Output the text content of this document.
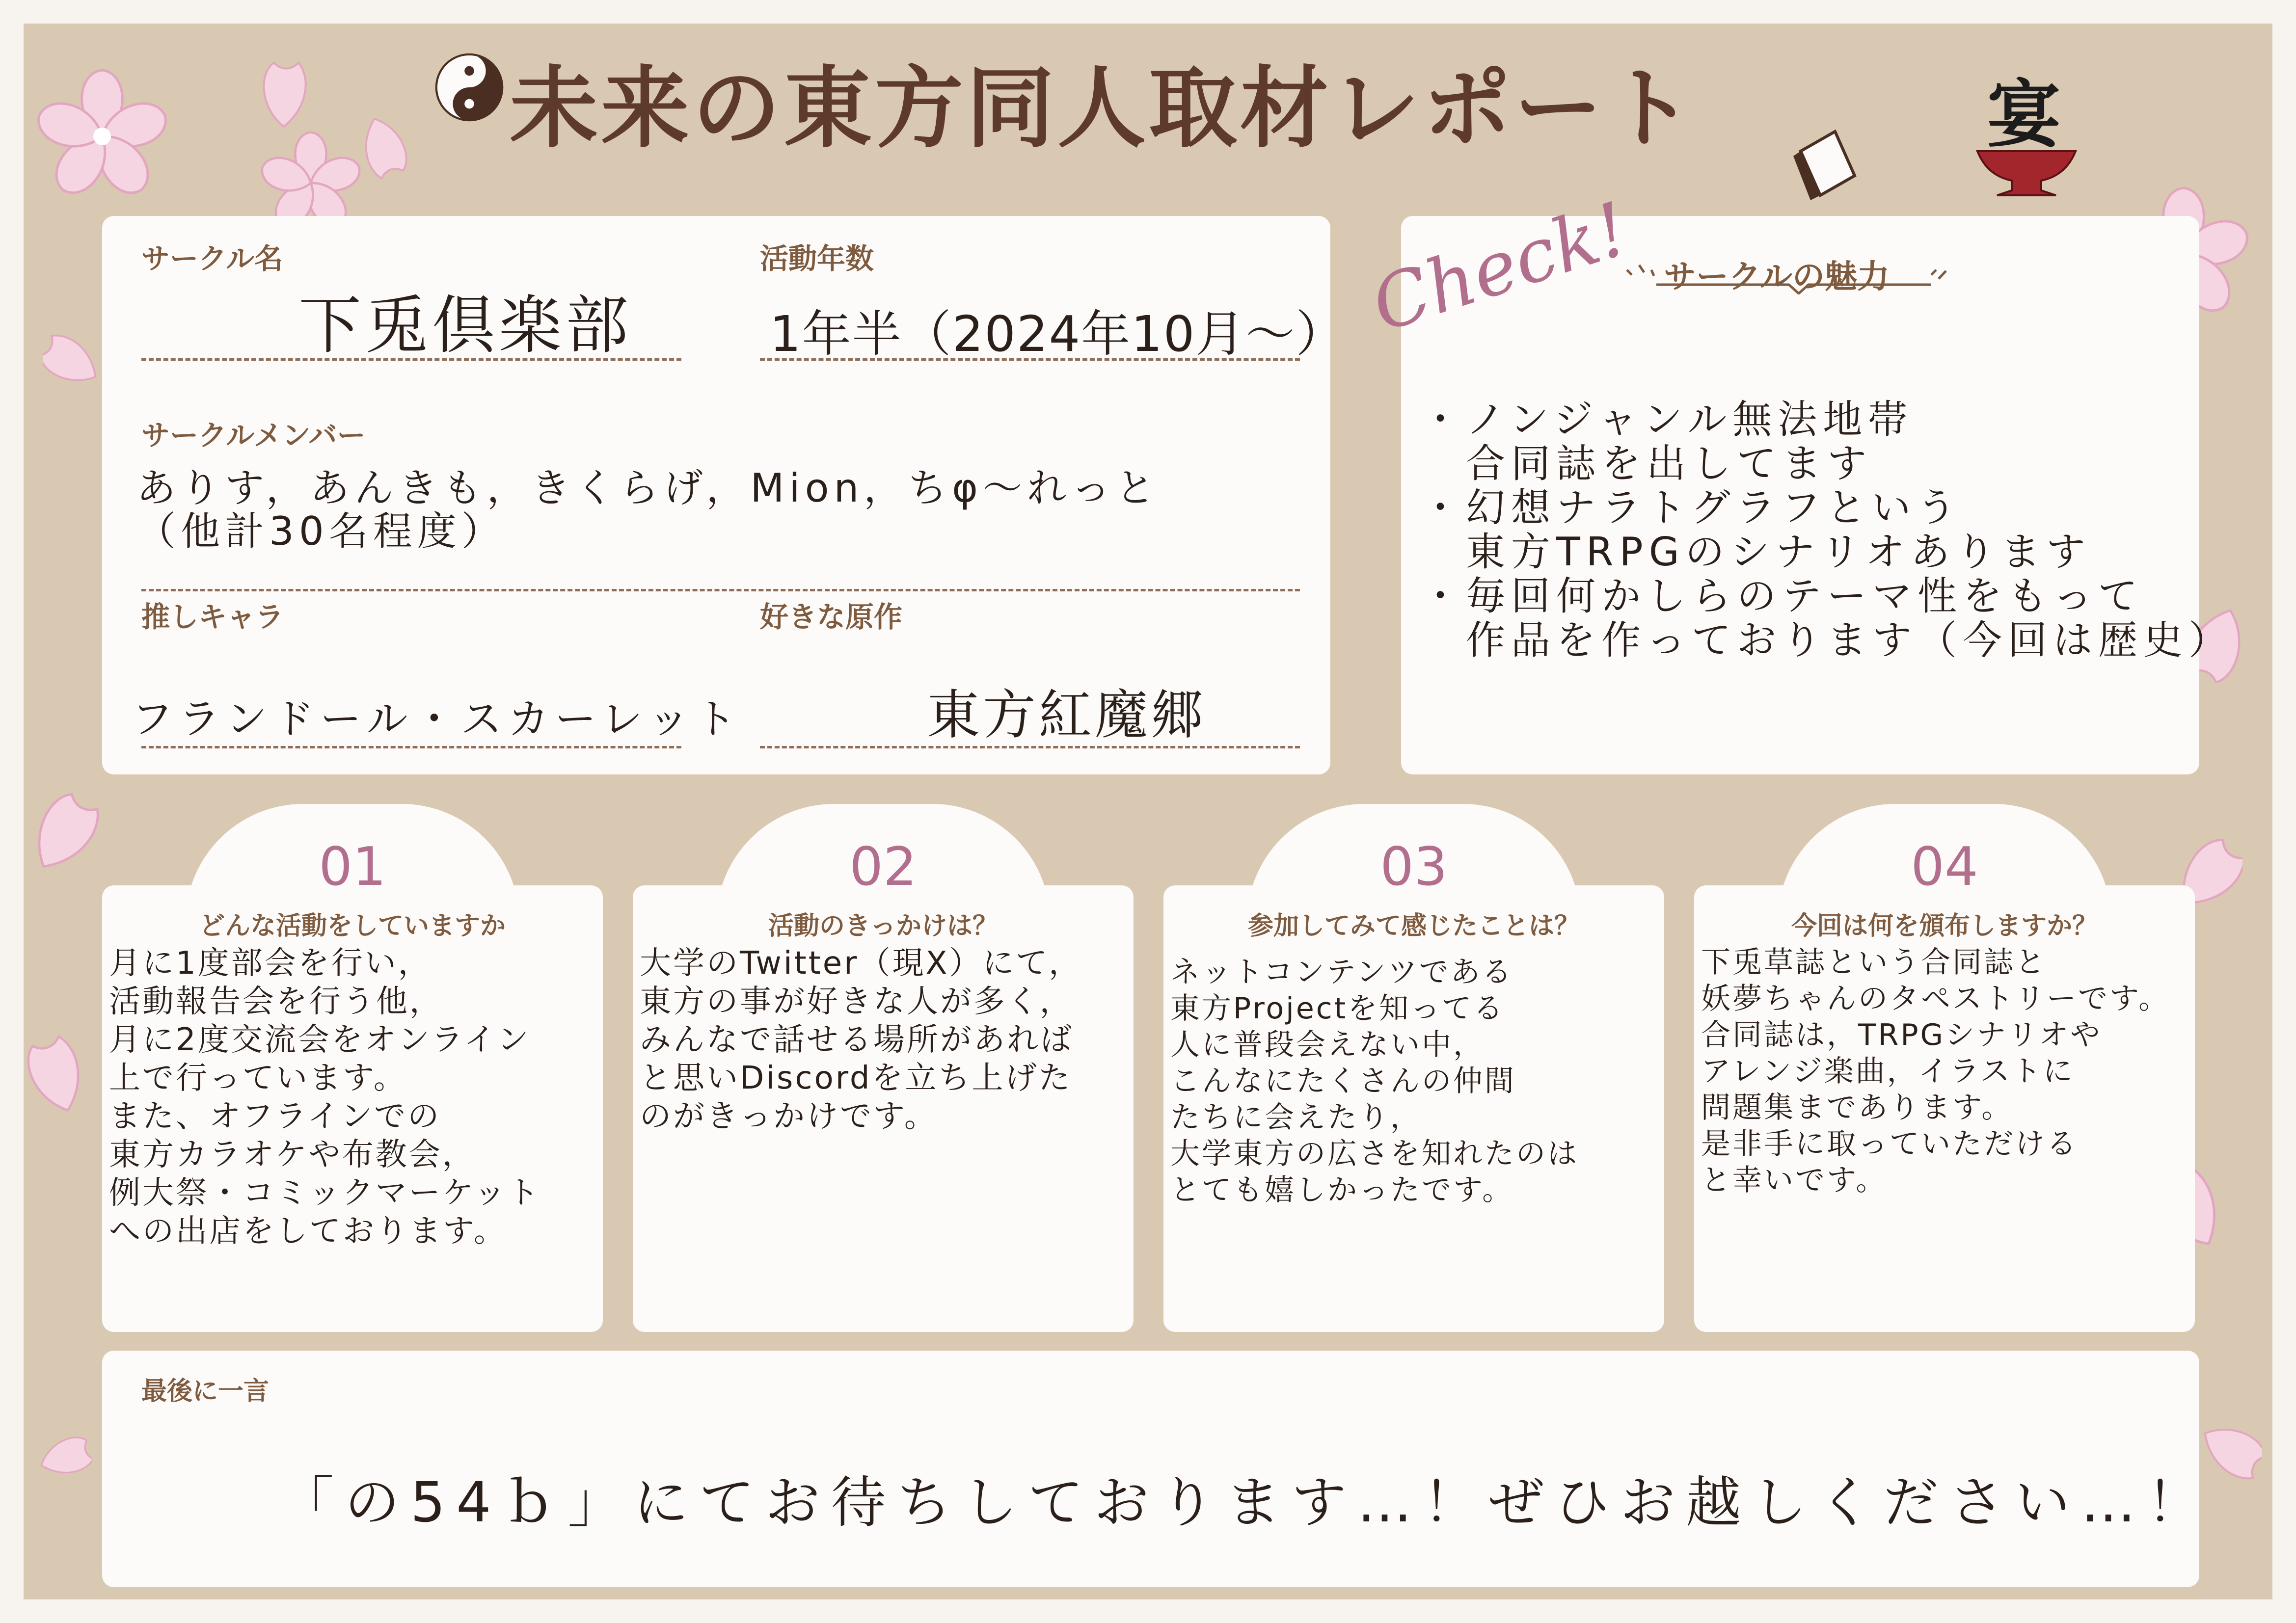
未来の東方同人取材レポート	宴
サークル名
下兎倶楽部
活動年数
1年半（2024年10月～）
サークルメンバー
ありす，あんきも，きくらげ，Mion，ちφ～れっと
（他計30名程度）
推しキャラ
フランドール・スカーレット
好きな原作
東方紅魔郷
サークルの魅力
・ノンジャンル無法地帯
　合同誌を出してます
・幻想ナラトグラフという
　東方TRPGのシナリオあります
・毎回何かしらのテーマ性をもって
　作品を作っております（今回は歴史）
Check!
01
どんな活動をしていますか
月に1度部会を行い，
活動報告会を行う他，
月に2度交流会をオンライン
上で行っています。
また、オフラインでの
東方カラオケや布教会，
例大祭・コミックマーケット
への出店をしております。
02
活動のきっかけは？
大学のTwitter（現X）にて，
東方の事が好きな人が多く，
みんなで話せる場所があれば
と思いDiscordを立ち上げた
のがきっかけです。
03
参加してみて感じたことは？
ネットコンテンツである
東方Projectを知ってる
人に普段会えない中，
こんなにたくさんの仲間
たちに会えたり，
大学東方の広さを知れたのは
とても嬉しかったです。
04
今回は何を頒布しますか？
下兎草誌という合同誌と
妖夢ちゃんのタペストリーです。
合同誌は，TRPGシナリオや
アレンジ楽曲，イラストに
問題集まであります。
是非手に取っていただける
と幸いです。
最後に一言
「の54ｂ」にてお待ちしております…！ぜひお越しください…！
